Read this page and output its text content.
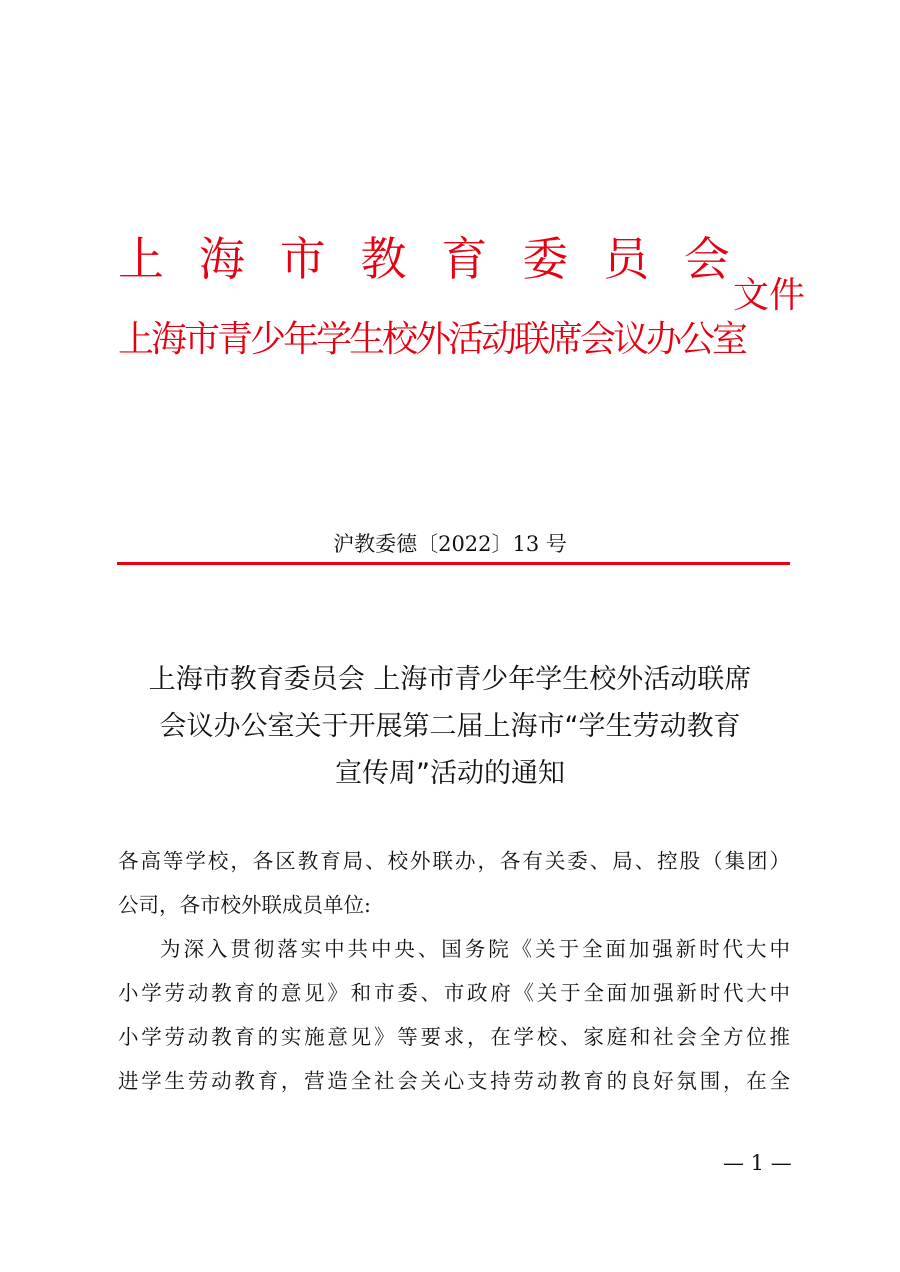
上 海 市 教 育 委 员 会
上海市青少年学生校外活动联席会议办公室
文件
沪教委德〔2022〕13 号
上海市教育委员会 上海市青少年学生校外活动联席
会议办公室关于开展第二届上海市“学生劳动教育
宣传周”活动的通知
各高等学校，各区教育局、校外联办，各有关委、局、控股（集团）
公司，各市校外联成员单位:
为深入贯彻落实中共中央、国务院《关于全面加强新时代大中
小学劳动教育的意见》和市委、市政府《关于全面加强新时代大中
小学劳动教育的实施意见》等要求，在学校、家庭和社会全方位推
进学生劳动教育，营造全社会关心支持劳动教育的良好氛围，在全
— 1 —
